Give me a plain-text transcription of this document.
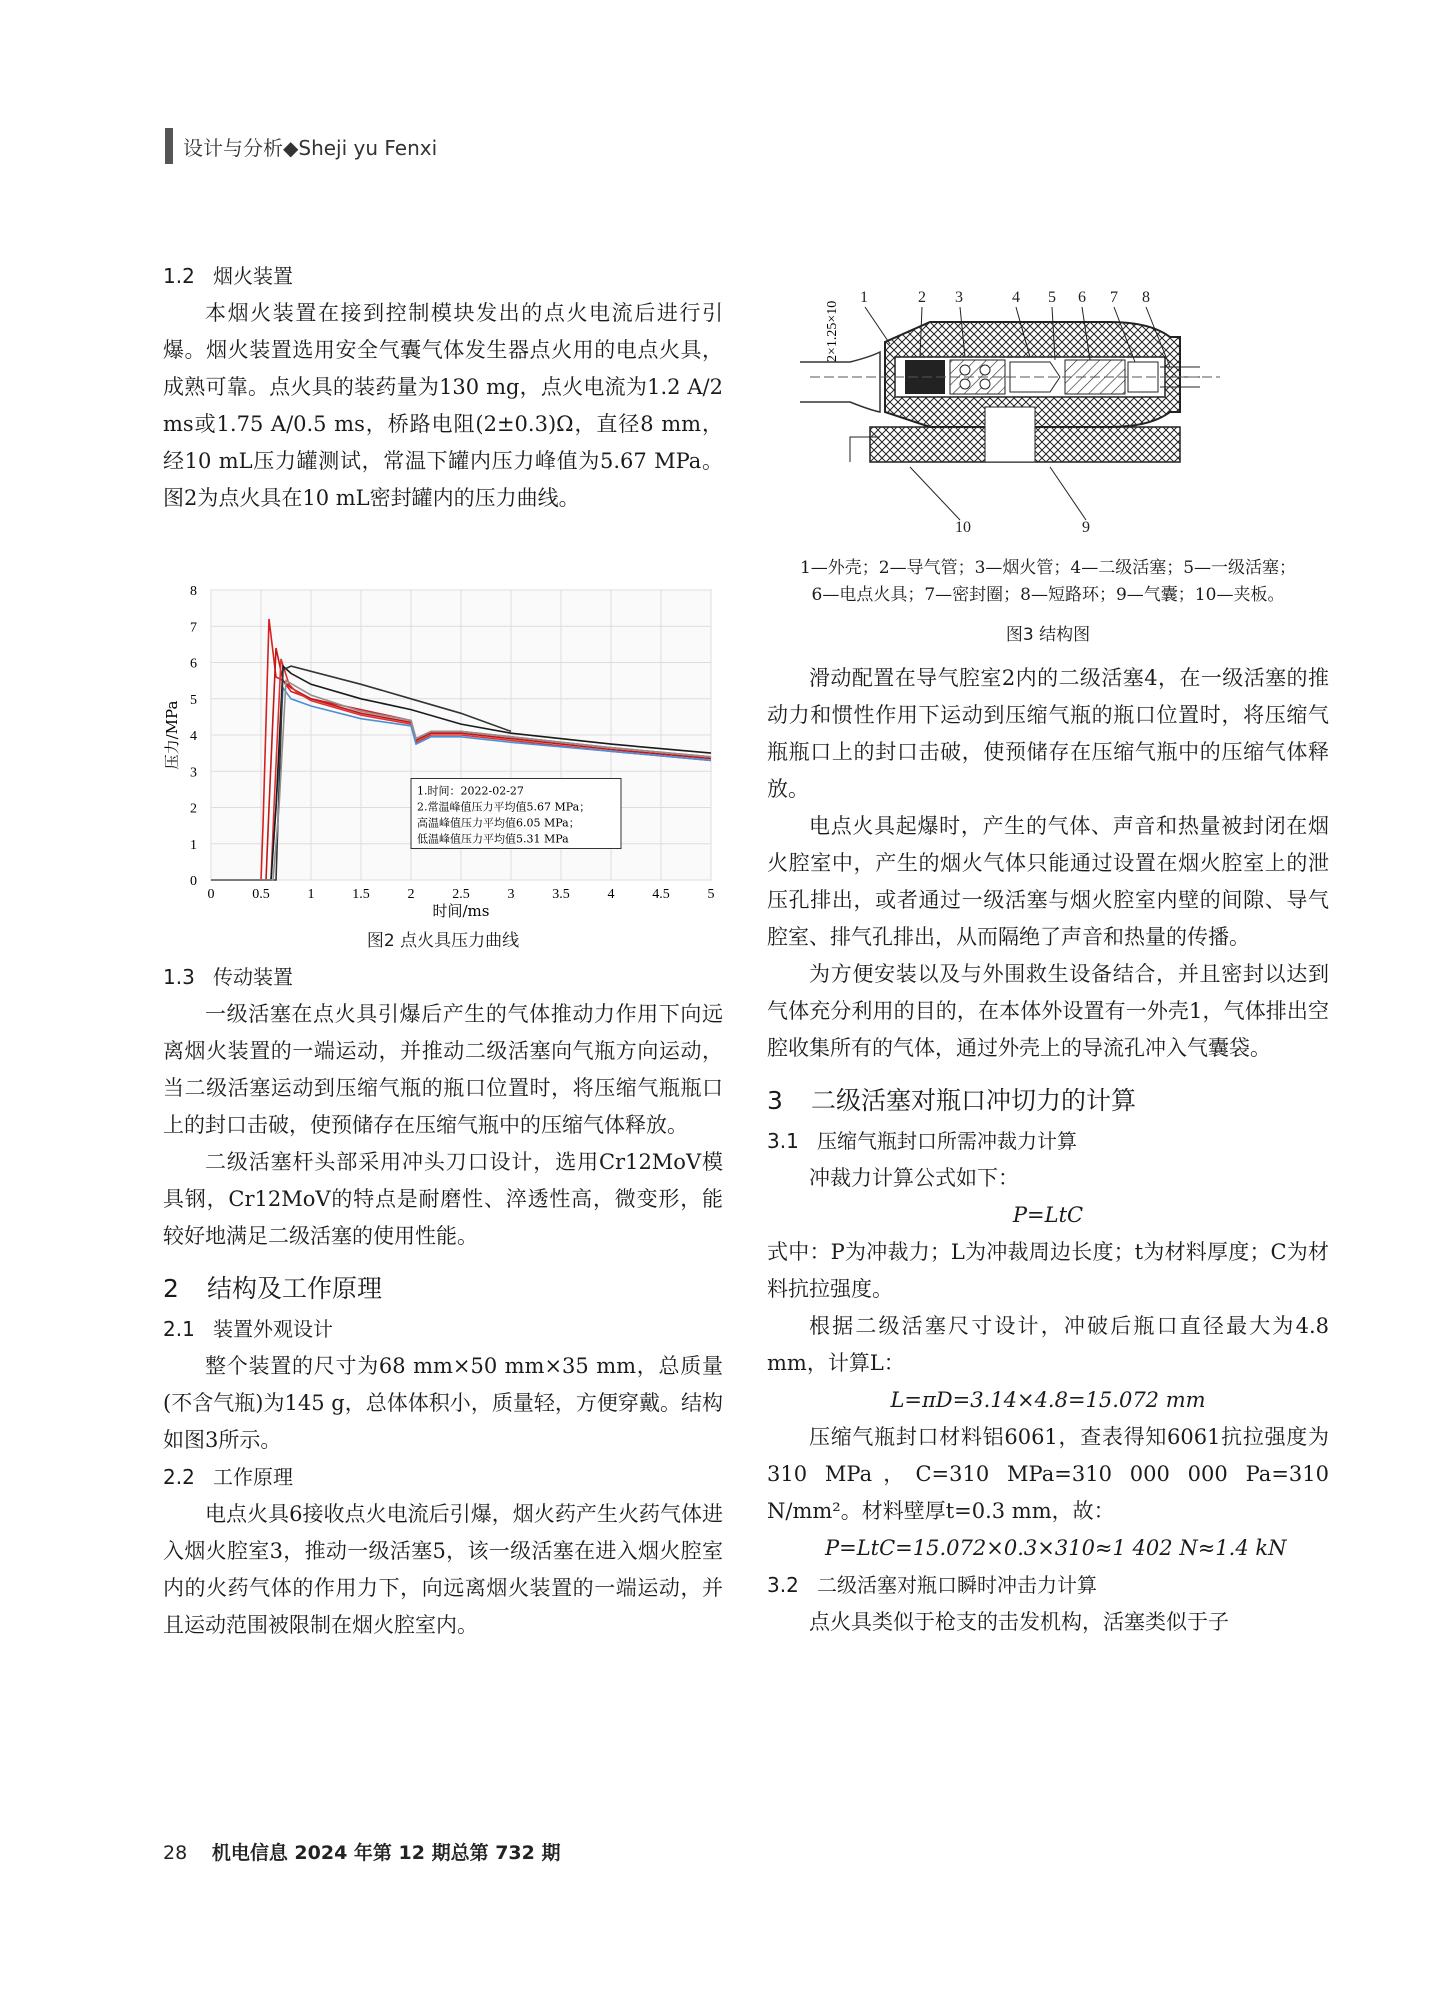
设计与分析◆Sheji yu Fenxi
1.2 烟火装置

本烟火装置在接到控制模块发出的点火电流后进行引爆。烟火装置选用安全气囊气体发生器点火用的电点火具，成熟可靠。点火具的装药量为130 mg，点火电流为1.2 A/2 ms或1.75 A/0.5 ms，桥路电阻(2±0.3)Ω，直径8 mm，经10 mL压力罐测试，常温下罐内压力峰值为5.67 MPa。图2为点火具在10 mL密封罐内的压力曲线。

0	0.5	1	1.5	2	2.5	3	3.5	4	4.5	5
0
1
2
3
4
5
6
7
8
时间/ms
压力/MPa
1.时间：2022-02-27
2.常温峰值压力平均值5.67 MPa；
高温峰值压力平均值6.05 MPa；
低温峰值压力平均值5.31 MPa
图2 点火具压力曲线
1.3 传动装置

一级活塞在点火具引爆后产生的气体推动力作用下向远离烟火装置的一端运动，并推动二级活塞向气瓶方向运动，当二级活塞运动到压缩气瓶的瓶口位置时，将压缩气瓶瓶口上的封口击破，使预储存在压缩气瓶中的压缩气体释放。

二级活塞杆头部采用冲头刀口设计，选用Cr12MoV模具钢，Cr12MoV的特点是耐磨性、淬透性高，微变形，能较好地满足二级活塞的使用性能。

2 结构及工作原理
2.1 装置外观设计

整个装置的尺寸为68 mm×50 mm×35 mm，总质量(不含气瓶)为145 g，总体体积小，质量轻，方便穿戴。结构如图3所示。

2.2 工作原理

电点火具6接收点火电流后引爆，烟火药产生火药气体进入烟火腔室3，推动一级活塞5，该一级活塞在进入烟火腔室内的火药气体的作用力下，向远离烟火装置的一端运动，并且运动范围被限制在烟火腔室内。

2×1.25×10
1	2 3	4 5 6 7 8
9
10
1—外壳；2—导气管；3—烟火管；4—二级活塞；5—一级活塞；
6—电点火具；7—密封圈；8—短路环；9—气囊；10—夹板。
图3 结构图

滑动配置在导气腔室2内的二级活塞4，在一级活塞的推动力和惯性作用下运动到压缩气瓶的瓶口位置时，将压缩气瓶瓶口上的封口击破，使预储存在压缩气瓶中的压缩气体释放。

电点火具起爆时，产生的气体、声音和热量被封闭在烟火腔室中，产生的烟火气体只能通过设置在烟火腔室上的泄压孔排出，或者通过一级活塞与烟火腔室内壁的间隙、导气腔室、排气孔排出，从而隔绝了声音和热量的传播。

为方便安装以及与外围救生设备结合，并且密封以达到气体充分利用的目的，在本体外设置有一外壳1，气体排出空腔收集所有的气体，通过外壳上的导流孔冲入气囊袋。

3 二级活塞对瓶口冲切力的计算
3.1 压缩气瓶封口所需冲裁力计算

冲裁力计算公式如下：

P=LtC

式中：P为冲裁力；L为冲裁周边长度；t为材料厚度；C为材料抗拉强度。

根据二级活塞尺寸设计，冲破后瓶口直径最大为4.8 mm，计算L：

L=πD=3.14×4.8=15.072 mm

压缩气瓶封口材料铝6061，查表得知6061抗拉强度为310 MPa，C=310 MPa=310 000 000 Pa=310 N/mm²。材料壁厚t=0.3 mm，故：

P=LtC=15.072×0.3×310≈1 402 N≈1.4 kN

3.2 二级活塞对瓶口瞬时冲击力计算

点火具类似于枪支的击发机构，活塞类似于子

28 机电信息 2024 年第 12 期总第 732 期
